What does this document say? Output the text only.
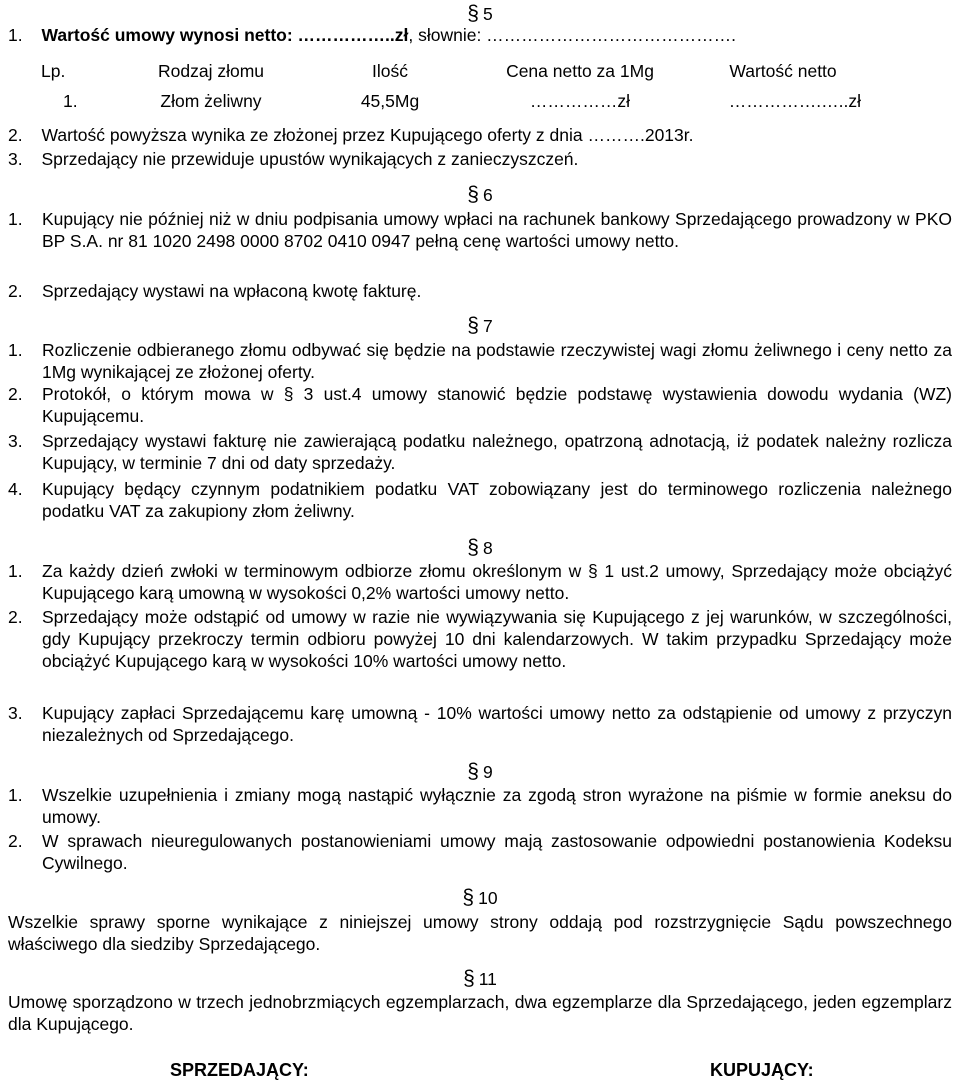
§ 5
1. Wartość umowy wynosi netto: ……………..zł, słownie: …………………………………….
Lp.	Rodzaj złomu	Ilość	Cena netto za 1Mg	Wartość netto
1.	Złom żeliwny	45,5Mg	……………zł	…………….…..zł
2. Wartość powyższa wynika ze złożonej przez Kupującego oferty z dnia ……….2013r.
3. Sprzedający nie przewiduje upustów wynikających z zanieczyszczeń.
§ 6
1. Kupujący nie później niż w dniu podpisania umowy wpłaci na rachunek bankowy Sprzedającego prowadzony w PKO BP S.A. nr 81 1020 2498 0000 8702 0410 0947 pełną cenę wartości umowy netto.
2. Sprzedający wystawi na wpłaconą kwotę fakturę.
§ 7
1. Rozliczenie odbieranego złomu odbywać się będzie na podstawie rzeczywistej wagi złomu żeliwnego i ceny netto za 1Mg wynikającej ze złożonej oferty.
2. Protokół, o którym mowa w § 3 ust.4 umowy stanowić będzie podstawę wystawienia dowodu wydania (WZ) Kupującemu.
3. Sprzedający wystawi fakturę nie zawierającą podatku należnego, opatrzoną adnotacją, iż podatek należny rozlicza Kupujący, w terminie 7 dni od daty sprzedaży.
4. Kupujący będący czynnym podatnikiem podatku VAT zobowiązany jest do terminowego rozliczenia należnego podatku VAT za zakupiony złom żeliwny.
§ 8
1. Za każdy dzień zwłoki w terminowym odbiorze złomu określonym w § 1 ust.2 umowy, Sprzedający może obciążyć Kupującego karą umowną w wysokości 0,2% wartości umowy netto.
2. Sprzedający może odstąpić od umowy w razie nie wywiązywania się Kupującego z jej warunków, w szczególności, gdy Kupujący przekroczy termin odbioru powyżej 10 dni kalendarzowych. W takim przypadku Sprzedający może obciążyć Kupującego karą w wysokości 10% wartości umowy netto.
3. Kupujący zapłaci Sprzedającemu karę umowną - 10% wartości umowy netto za odstąpienie od umowy z przyczyn niezależnych od Sprzedającego.
§ 9
1. Wszelkie uzupełnienia i zmiany mogą nastąpić wyłącznie za zgodą stron wyrażone na piśmie w formie aneksu do umowy.
2. W sprawach nieuregulowanych postanowieniami umowy mają zastosowanie odpowiedni postanowienia Kodeksu Cywilnego.
§ 10
Wszelkie sprawy sporne wynikające z niniejszej umowy strony oddają pod rozstrzygnięcie Sądu powszechnego właściwego dla siedziby Sprzedającego.
§ 11
Umowę sporządzono w trzech jednobrzmiących egzemplarzach, dwa egzemplarze dla Sprzedającego, jeden egzemplarz dla Kupującego.
SPRZEDAJĄCY:	KUPUJĄCY:
